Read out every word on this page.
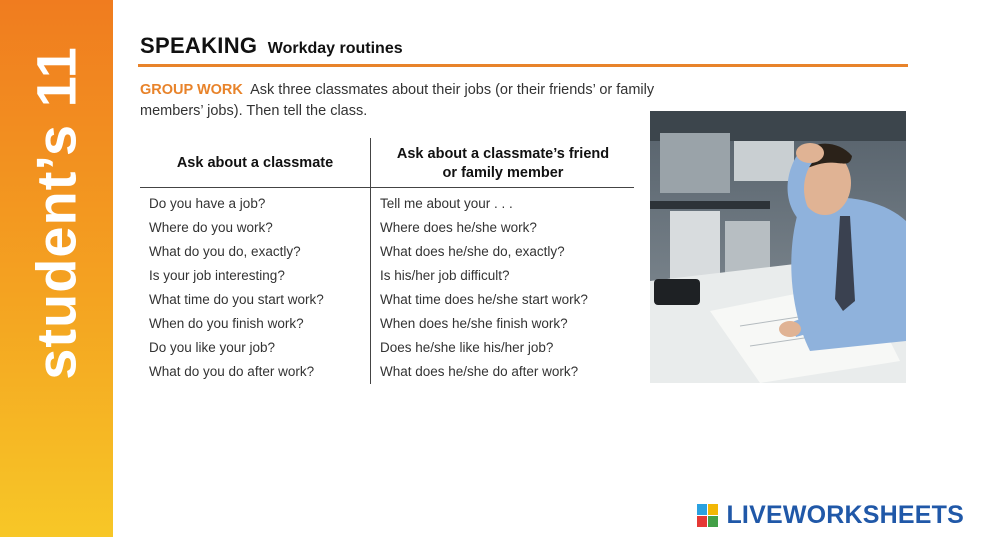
student’s 11
SPEAKING Workday routines
GROUP WORK Ask three classmates about their jobs (or their friends’ or family members’ jobs). Then tell the class.
Ask about a classmate
Ask about a classmate’s friend
or family member
Do you have a job?
Where do you work?
What do you do, exactly?
Is your job interesting?
What time do you start work?
When do you finish work?
Do you like your job?
What do you do after work?
Tell me about your . . .
Where does he/she work?
What does he/she do, exactly?
Is his/her job difficult?
What time does he/she start work?
When does he/she finish work?
Does he/she like his/her job?
What does he/she do after work?
LIVEWORKSHEETS
